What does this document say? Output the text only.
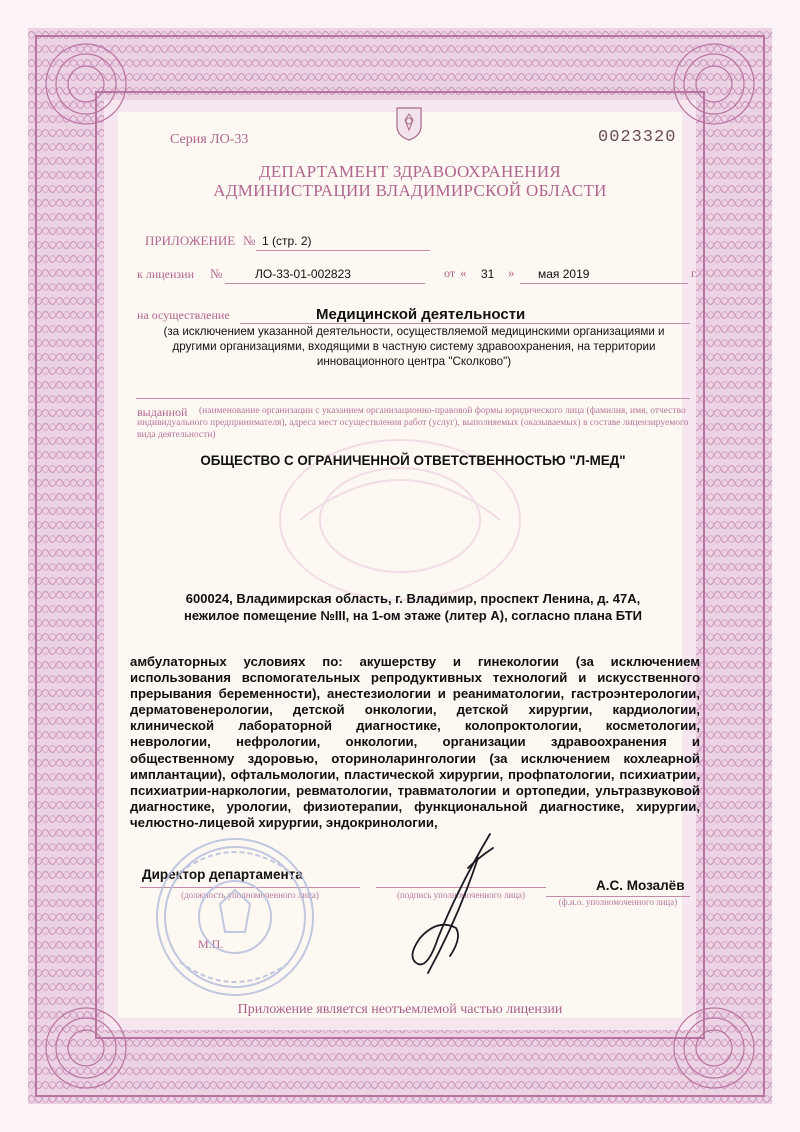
Серия ЛО-33	0023320
ДЕПАРТАМЕНТ ЗДРАВООХРАНЕНИЯ
АДМИНИСТРАЦИИ ВЛАДИМИРСКОЙ ОБЛАСТИ
ПРИЛОЖЕНИЕ № 1 (стр. 2)
к лицензии №	ЛО-33-01-002823	от « 31 » мая 2019	г.
на осуществление	Медицинской деятельности
(за исключением указанной деятельности, осуществляемой медицинскими организациями и другими организациями, входящими в частную систему здравоохранения, на территории инновационного центра "Сколково")
выданной	(наименование организации с указанием организационно-правовой формы юридического лица (фамилия, имя, отчество индивидуального предпринимателя), адреса мест осуществления работ (услуг), выполняемых (оказываемых) в составе лицензируемого вида деятельности)
ОБЩЕСТВО С ОГРАНИЧЕННОЙ ОТВЕТСТВЕННОСТЬЮ "Л-МЕД"
600024, Владимирская область, г. Владимир, проспект Ленина, д. 47А,
нежилое помещение №III, на 1-ом этаже (литер А), согласно плана БТИ
амбулаторных условиях по: акушерству и гинекологии (за исключением использования вспомогательных репродуктивных технологий и искусственного прерывания беременности), анестезиологии и реаниматологии, гастроэнтерологии, дерматовенерологии, детской онкологии, детской хирургии, кардиологии, клинической лабораторной диагностике, колопроктологии, косметологии, неврологии, нефрологии, онкологии, организации здравоохранения и общественному здоровью, оториноларингологии (за исключением кохлеарной имплантации), офтальмологии, пластической хирургии, профпатологии, психиатрии, психиатрии-наркологии, ревматологии, травматологии и ортопедии, ультразвуковой диагностике, урологии, физиотерапии, функциональной диагностике, хирургии, челюстно-лицевой хирургии, эндокринологии,
Директор департамента
(должность уполномоченного лица)	(подпись уполномоченного лица)
А.С. Мозалёв
(ф.и.о. уполномоченного лица)
М.П.
Приложение является неотъемлемой частью лицензии
